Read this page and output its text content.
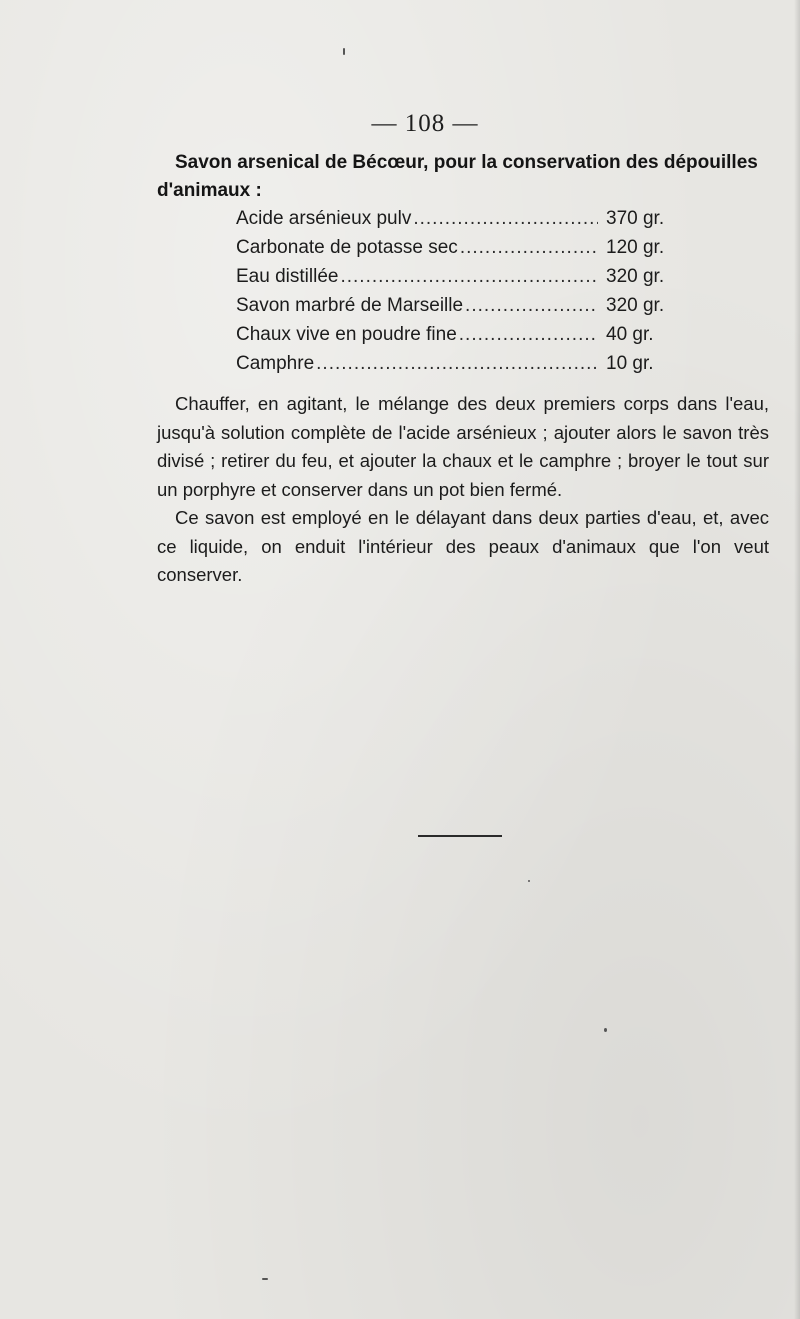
— 108 —
Savon arsenical de Bécœur, pour la conservation des dépouilles
d'animaux :
Acide arsénieux pulv .....	370 gr.
Carbonate de potasse sec .....	120 gr.
Eau distillée .....	320 gr.
Savon marbré de Marseille .....	320 gr.
Chaux vive en poudre fine .....	40 gr.
Camphre .....	10 gr.

Chauffer, en agitant, le mélange des deux premiers corps dans l'eau, jusqu'à solution complète de l'acide arsénieux ; ajouter alors le savon très divisé ; retirer du feu, et ajouter la chaux et le camphre ; broyer le tout sur un porphyre et conserver dans un pot bien fermé.

Ce savon est employé en le délayant dans deux parties d'eau, et, avec ce liquide, on enduit l'intérieur des peaux d'animaux que l'on veut conserver.
